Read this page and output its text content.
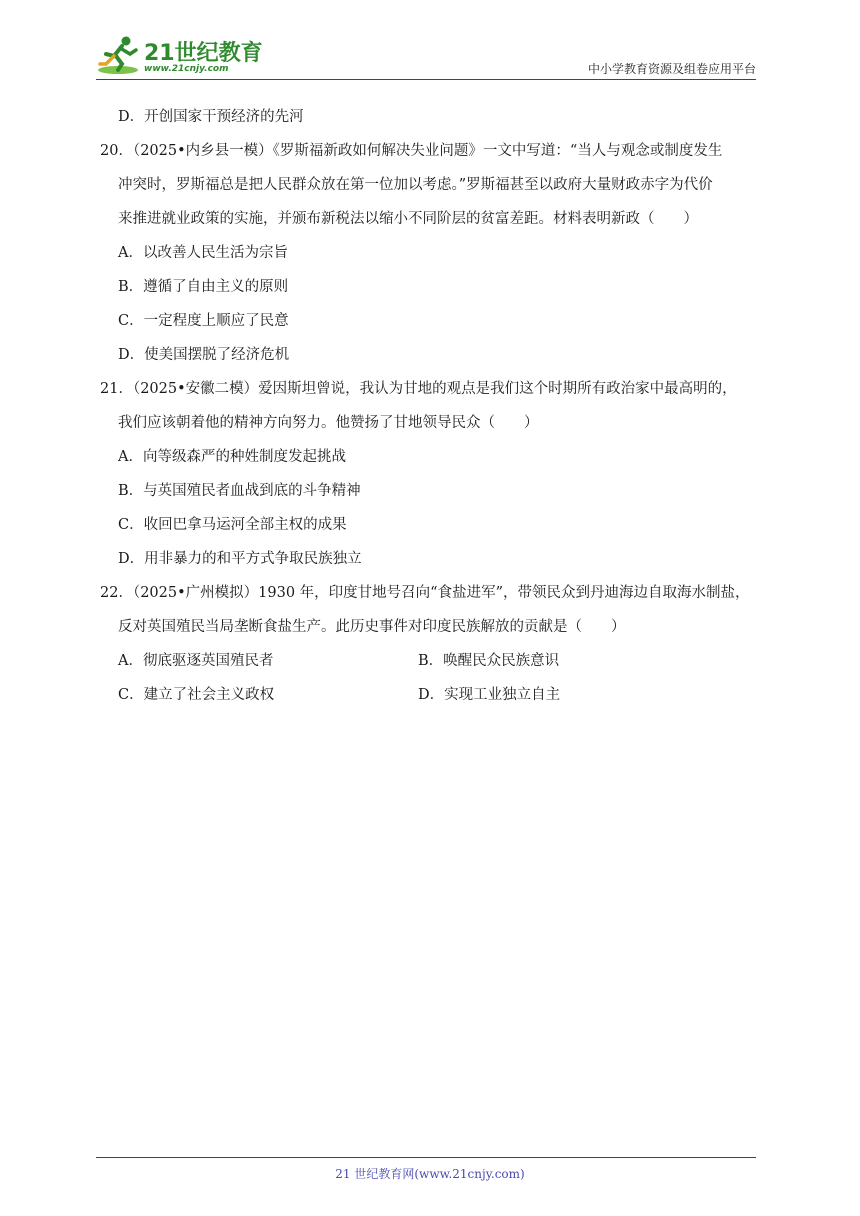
21世纪教育
www.21cnjy.com	中小学教育资源及组卷应用平台
D．开创国家干预经济的先河
20．（2025•内乡县一模）《罗斯福新政如何解决失业问题》一文中写道：“当人与观念或制度发生
冲突时，罗斯福总是把人民群众放在第一位加以考虑。”罗斯福甚至以政府大量财政赤字为代价
来推进就业政策的实施，并颁布新税法以缩小不同阶层的贫富差距。材料表明新政（　　）
A．以改善人民生活为宗旨
B．遵循了自由主义的原则
C．一定程度上顺应了民意
D．使美国摆脱了经济危机
21．（2025•安徽二模）爱因斯坦曾说，我认为甘地的观点是我们这个时期所有政治家中最高明的，
我们应该朝着他的精神方向努力。他赞扬了甘地领导民众（　　）
A．向等级森严的种姓制度发起挑战
B．与英国殖民者血战到底的斗争精神
C．收回巴拿马运河全部主权的成果
D．用非暴力的和平方式争取民族独立
22．（2025•广州模拟）1930 年，印度甘地号召向“食盐进军”，带领民众到丹迪海边自取海水制盐，
反对英国殖民当局垄断食盐生产。此历史事件对印度民族解放的贡献是（　　）
A．彻底驱逐英国殖民者	B．唤醒民众民族意识
C．建立了社会主义政权	D．实现工业独立自主
21 世纪教育网(www.21cnjy.com)
